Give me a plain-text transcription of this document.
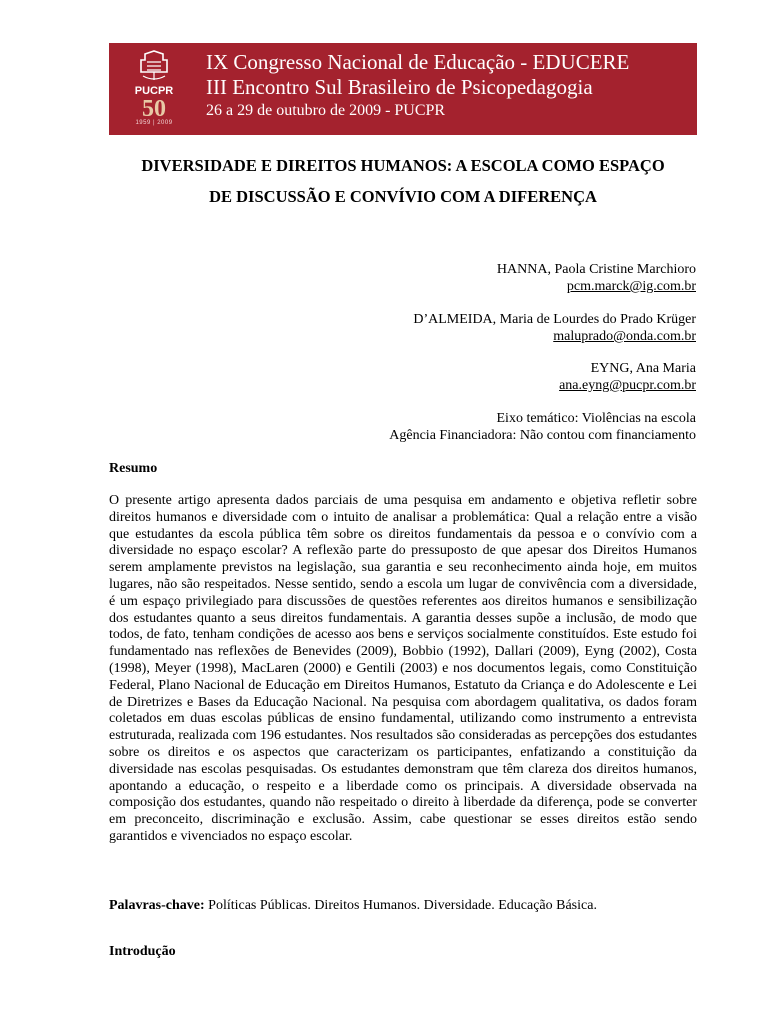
50
PUCPR
1959 | 2009
IX Congresso Nacional de Educação - EDUCERE
III Encontro Sul Brasileiro de Psicopedagogia
26 a 29 de outubro de 2009 - PUCPR
DIVERSIDADE E DIREITOS HUMANOS: A ESCOLA COMO ESPAÇO
DE DISCUSSÃO E CONVÍVIO COM A DIFERENÇA
HANNA, Paola Cristine Marchioro
pcm.marck@ig.com.br
D’ALMEIDA, Maria de Lourdes do Prado Krüger
maluprado@onda.com.br
EYNG, Ana Maria
ana.eyng@pucpr.com.br
Eixo temático: Violências na escola
Agência Financiadora: Não contou com financiamento
Resumo

O presente artigo apresenta dados parciais de uma pesquisa em andamento e objetiva refletir sobre direitos humanos e diversidade com o intuito de analisar a problemática: Qual a relação entre a visão que estudantes da escola pública têm sobre os direitos fundamentais da pessoa e o convívio com a diversidade no espaço escolar? A reflexão parte do pressuposto de que apesar dos Direitos Humanos serem amplamente previstos na legislação, sua garantia e seu reconhecimento ainda hoje, em muitos lugares, não são respeitados. Nesse sentido, sendo a escola um lugar de convivência com a diversidade, é um espaço privilegiado para discussões de questões referentes aos direitos humanos e sensibilização dos estudantes quanto a seus direitos fundamentais. A garantia desses supõe a inclusão, de modo que todos, de fato, tenham condições de acesso aos bens e serviços socialmente constituídos. Este estudo foi fundamentado nas reflexões de Benevides (2009), Bobbio (1992), Dallari (2009), Eyng (2002), Costa (1998), Meyer (1998), MacLaren (2000) e Gentili (2003) e nos documentos legais, como Constituição Federal, Plano Nacional de Educação em Direitos Humanos, Estatuto da Criança e do Adolescente e Lei de Diretrizes e Bases da Educação Nacional. Na pesquisa com abordagem qualitativa, os dados foram coletados em duas escolas públicas de ensino fundamental, utilizando como instrumento a entrevista estruturada, realizada com 196 estudantes. Nos resultados são consideradas as percepções dos estudantes sobre os direitos e os aspectos que caracterizam os participantes, enfatizando a constituição da diversidade nas escolas pesquisadas. Os estudantes demonstram que têm clareza dos direitos humanos, apontando a educação, o respeito e a liberdade como os principais. A diversidade observada na composição dos estudantes, quando não respeitado o direito à liberdade da diferença, pode se converter em preconceito, discriminação e exclusão. Assim, cabe questionar se esses direitos estão sendo garantidos e vivenciados no espaço escolar.

Palavras-chave: Políticas Públicas. Direitos Humanos. Diversidade. Educação Básica.
Introdução
